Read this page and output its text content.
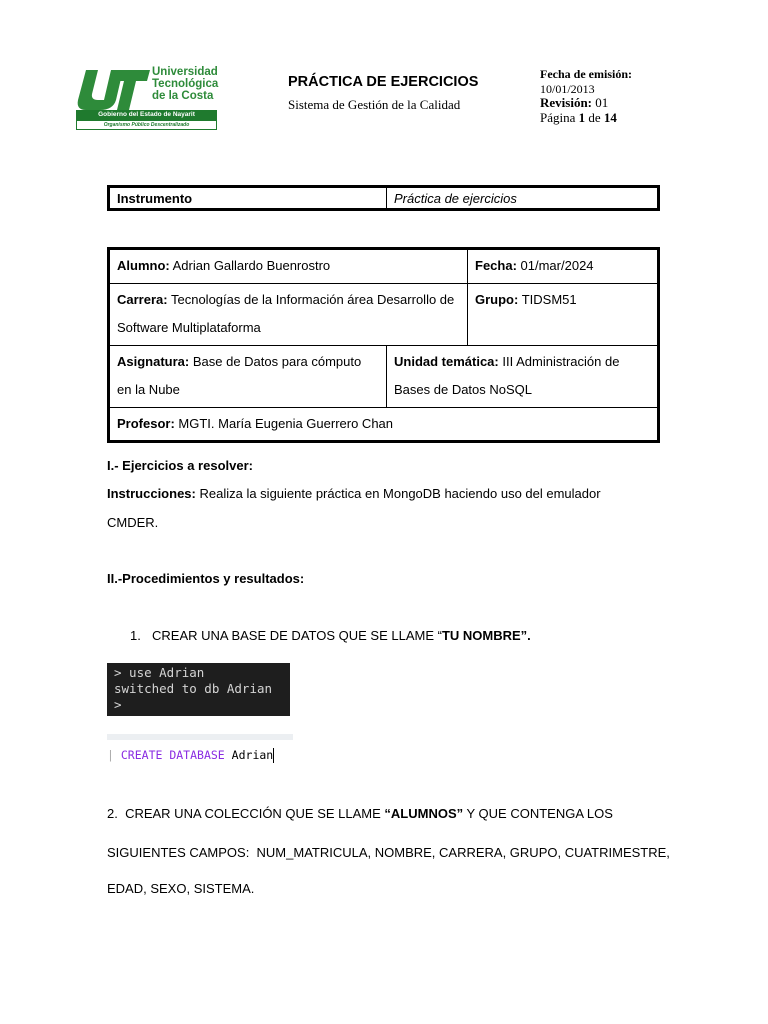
Universidad
Tecnológica
de la Costa
Gobierno del Estado de Nayarit
Organismo Público Descentralizado
PRÁCTICA DE EJERCICIOS
Sistema de Gestión de la Calidad
Fecha de emisión:
10/01/2013
Revisión: 01
Página 1 de 14
Instrumento	Práctica de ejercicios
Alumno: Adrian Gallardo Buenrostro		Fecha: 01/mar/2024
Carrera: Tecnologías de la Información área Desarrollo de Software Multiplataforma		Grupo: TIDSM51
Asignatura: Base de Datos para cómputo en la Nube	Unidad temática: III Administración de Bases de Datos NoSQL	
Profesor: MGTI. María Eugenia Guerrero Chan		
I.- Ejercicios a resolver:
Instrucciones: Realiza la siguiente práctica en MongoDB haciendo uso del emulador
CMDER.
II.-Procedimientos y resultados:
1. CREAR UNA BASE DE DATOS QUE SE LLAME “TU NOMBRE”.
> use Adrian
switched to db Adrian
>
| CREATE DATABASE Adrian
2.  CREAR UNA COLECCIÓN QUE SE LLAME “ALUMNOS” Y QUE CONTENGA LOS
SIGUIENTES CAMPOS:  NUM_MATRICULA, NOMBRE, CARRERA, GRUPO, CUATRIMESTRE,
EDAD, SEXO, SISTEMA.
